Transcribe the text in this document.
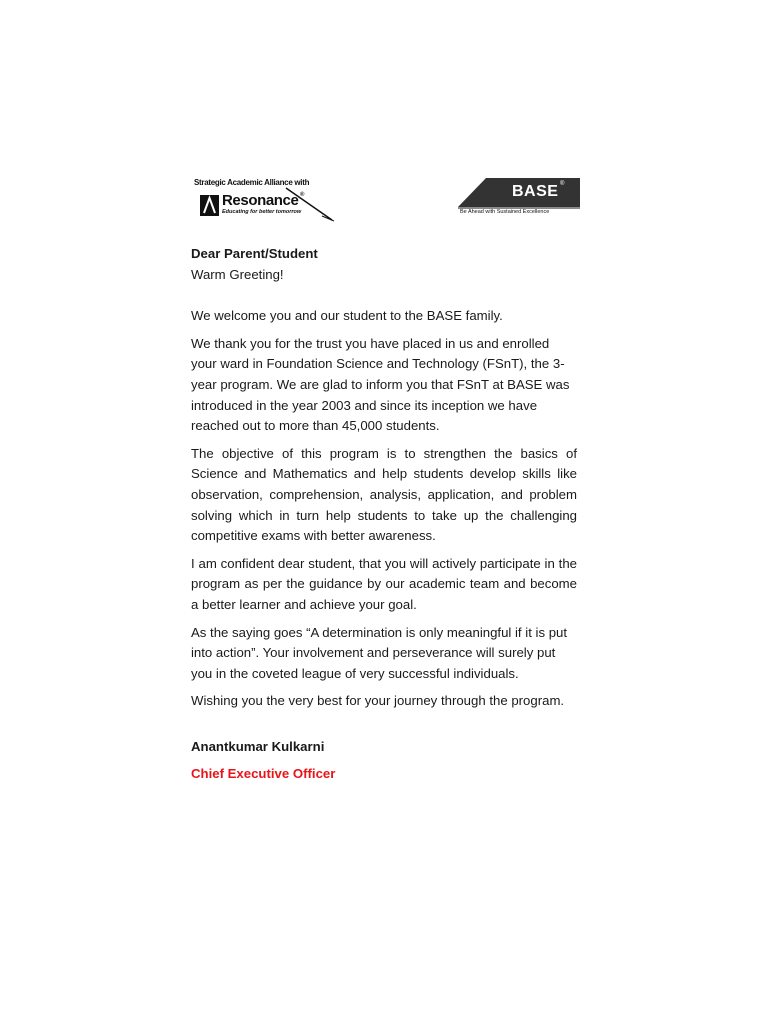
Strategic Academic Alliance with
Resonance ®
Educating for better tomorrow
BASE ®
Be Ahead with Sustained Excellence

Dear Parent/Student

Warm Greeting!

We welcome you and our student to the BASE family.

We thank you for the trust you have placed in us and enrolled your ward in Foundation Science and Technology (FSnT), the 3-year program. We are glad to inform you that FSnT at BASE was introduced in the year 2003 and since its inception we have reached out to more than 45,000 students.

The objective of this program is to strengthen the basics of Science and Mathematics and help students develop skills like observation, comprehension, analysis, application, and problem solving which in turn help students to take up the challenging competitive exams with better awareness.

I am confident dear student, that you will actively participate in the program as per the guidance by our academic team and become a better learner and achieve your goal.

As the saying goes “A determination is only meaningful if it is put into action”. Your involvement and perseverance will surely put you in the coveted league of very successful individuals.

Wishing you the very best for your journey through the program.

Anantkumar Kulkarni

Chief Executive Officer
